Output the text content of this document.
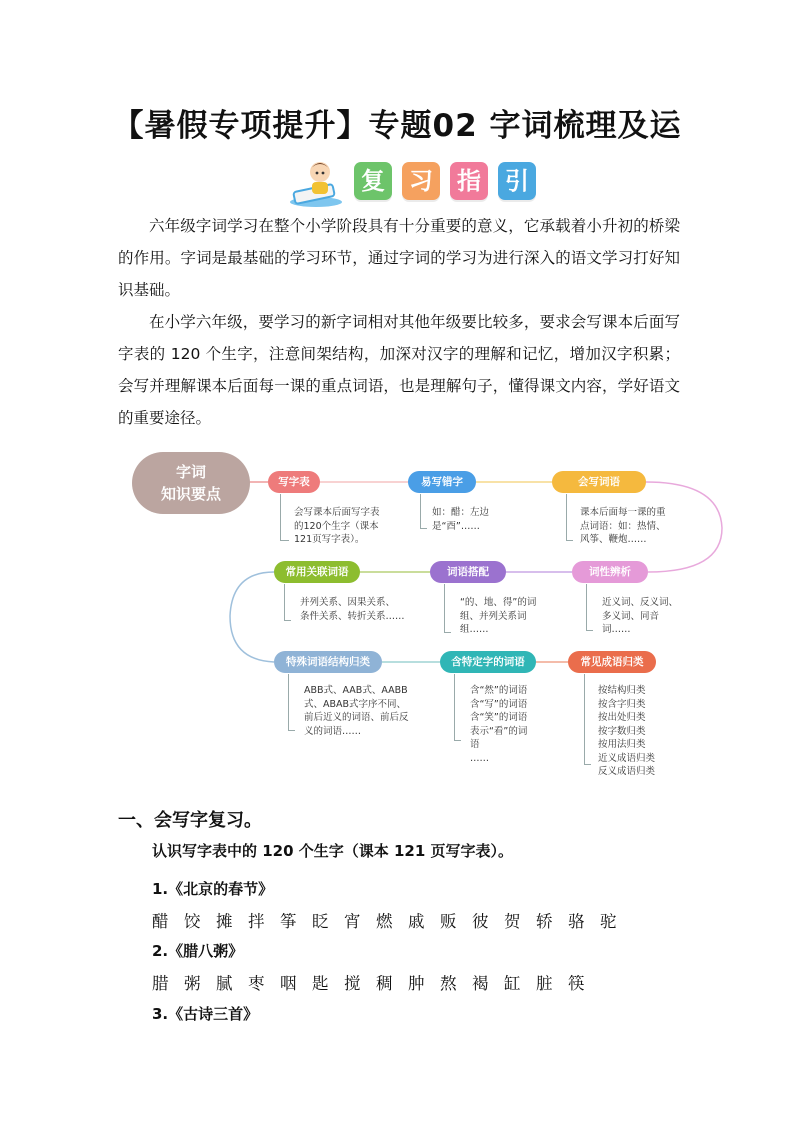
【暑假专项提升】专题02 字词梳理及运
复 习 指 引

六年级字词学习在整个小学阶段具有十分重要的意义，它承载着小升初的桥梁的作用。字词是最基础的学习环节，通过字词的学习为进行深入的语文学习打好知识基础。

在小学六年级，要学习的新字词相对其他年级要比较多，要求会写课本后面写字表的 120 个生字，注意间架结构，加深对汉字的理解和记忆，增加汉字积累；会写并理解课本后面每一课的重点词语，也是理解句子，懂得课文内容，学好语文的重要途径。

字词
知识要点
写字表
会写课本后面写字表
的120个生字（课本
121页写字表）。
易写错字
如：醋：左边
是“酉”……
会写词语
课本后面每一课的重
点词语：如：热情、
风筝、鞭炮……
常用关联词语
并列关系、因果关系、
条件关系、转折关系……
词语搭配
“的、地、得”的词
组、并列关系词
组……
词性辨析
近义词、反义词、
多义词、同音
词……
特殊词语结构归类
ABB式、AAB式、AABB
式、ABAB式字序不同、
前后近义的词语、前后反
义的词语……
含特定字的词语
含“然”的词语
含“写”的词语
含“笑”的词语
表示“看”的词
语
……
常见成语归类
按结构归类
按含字归类
按出处归类
按字数归类
按用法归类
近义成语归类
反义成语归类
一、会写字复习。

认识写字表中的 120 个生字（课本 121 页写字表）。

1.《北京的春节》

醋 饺 摊 拌 筝 眨 宵 燃 戚 贩 彼 贺 轿 骆 驼

2.《腊八粥》

腊 粥 腻 枣 咽 匙 搅 稠 肿 熬 褐 缸 脏 筷

3.《古诗三首》
